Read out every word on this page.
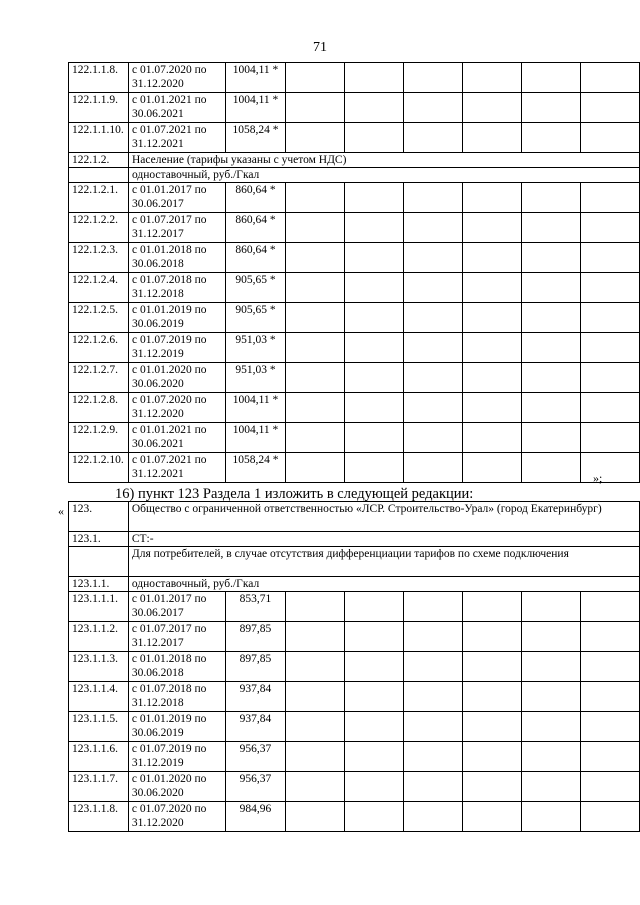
71
122.1.1.8.	с 01.07.2020 по 31.12.2020	1004,11 *						
122.1.1.9.	с 01.01.2021 по 30.06.2021	1004,11 *						
122.1.1.10.	с 01.07.2021 по 31.12.2021	1058,24 *						
122.1.2.	Население (тарифы указаны с учетом НДС)							
	одноставочный, руб./Гкал							
122.1.2.1.	с 01.01.2017 по 30.06.2017	860,64 *						
122.1.2.2.	с 01.07.2017 по 31.12.2017	860,64 *						
122.1.2.3.	с 01.01.2018 по 30.06.2018	860,64 *						
122.1.2.4.	с 01.07.2018 по 31.12.2018	905,65 *						
122.1.2.5.	с 01.01.2019 по 30.06.2019	905,65 *						
122.1.2.6.	с 01.07.2019 по 31.12.2019	951,03 *						
122.1.2.7.	с 01.01.2020 по 30.06.2020	951,03 *						
122.1.2.8.	с 01.07.2020 по 31.12.2020	1004,11 *						
122.1.2.9.	с 01.01.2021 по 30.06.2021	1004,11 *						
122.1.2.10.	с 01.07.2021 по 31.12.2021	1058,24 *						
»;
16) пункт 123 Раздела 1 изложить в следующей редакции:
« 123.	Общество с ограниченной ответственностью «ЛСР. Строительство-Урал» (город Екатеринбург)							
123.1.	СТ:-							
	Для потребителей, в случае отсутствия дифференциации тарифов по схеме подключения							
123.1.1.	одноставочный, руб./Гкал							
123.1.1.1.	с 01.01.2017 по 30.06.2017	853,71						
123.1.1.2.	с 01.07.2017 по 31.12.2017	897,85						
123.1.1.3.	с 01.01.2018 по 30.06.2018	897,85						
123.1.1.4.	с 01.07.2018 по 31.12.2018	937,84						
123.1.1.5.	с 01.01.2019 по 30.06.2019	937,84						
123.1.1.6.	с 01.07.2019 по 31.12.2019	956,37						
123.1.1.7.	с 01.01.2020 по 30.06.2020	956,37						
123.1.1.8.	с 01.07.2020 по 31.12.2020	984,96						
